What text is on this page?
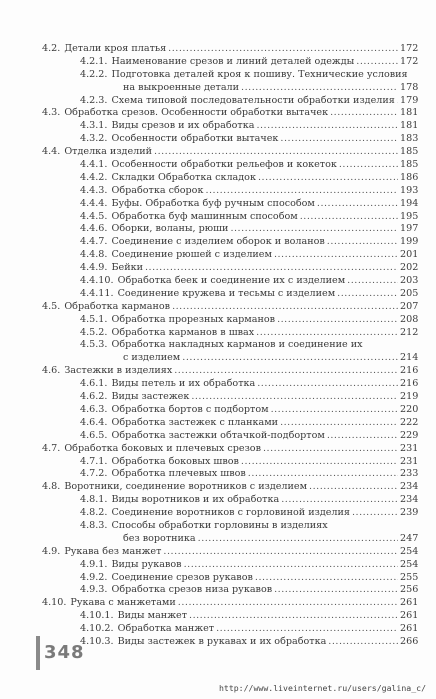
4.2. Детали кроя платья .....	172
4.2.1. Наименование срезов и линий деталей одежды .....	172
4.2.2. Подготовка деталей кроя к пошиву. Технические условия
на выкроенные детали .....	178
4.2.3. Схема типовой последовательности обработки изделия ..... 179
4.3. Обработка срезов. Особенности обработки вытачек .....	181
4.3.1. Виды срезов и их обработка .....	181
4.3.2. Особенности обработки вытачек .....	183
4.4. Отделка изделий .....	185
4.4.1. Особенности обработки рельефов и кокеток .....	185
4.4.2. Складки Обработка складок .....	186
4.4.3. Обработка сборок .....	193
4.4.4. Буфы. Обработка буф ручным способом .....	194
4.4.5. Обработка буф машинным способом .....	195
4.4.6. Оборки, воланы, рюши .....	197
4.4.7. Соединение с изделием оборок и воланов .....	199
4.4.8. Соединение рюшей с изделием .....	201
4.4.9. Бейки .....	202
4.4.10. Обработка беек и соединение их с изделием .....	203
4.4.11. Соединение кружева и тесьмы с изделием .....	205
4.5. Обработка карманов .....	207
4.5.1. Обработка прорезных карманов .....	208
4.5.2. Обработка карманов в швах .....	212
4.5.3. Обработка накладных карманов и соединение их
с изделием .....	214
4.6. Застежки в изделиях .....	216
4.6.1. Виды петель и их обработка .....	216
4.6.2. Виды застежек .....	219
4.6.3. Обработка бортов с подбортом .....	220
4.6.4. Обработка застежек с планками .....	222
4.6.5. Обработка застежки обтачкой-подбортом .....	229
4.7. Обработка боковых и плечевых срезов .....	231
4.7.1. Обработка боковых швов .....	231
4.7.2. Обработка плечевых швов .....	233
4.8. Воротники, соединение воротников с изделием .....	234
4.8.1. Виды воротников и их обработка .....	234
4.8.2. Соединение воротников с горловиной изделия .....	239
4.8.3. Способы обработки горловины в изделиях
без воротника .....	247
4.9. Рукава без манжет .....	254
4.9.1. Виды рукавов .....	254
4.9.2. Соединение срезов рукавов .....	255
4.9.3. Обработка срезов низа рукавов .....	256
4.10. Рукава с манжетами .....	261
4.10.1. Виды манжет .....	261
4.10.2. Обработка манжет .....	261
4.10.3. Виды застежек в рукавах и их обработка .....	266
348
http://www.liveinternet.ru/users/galina_c/
